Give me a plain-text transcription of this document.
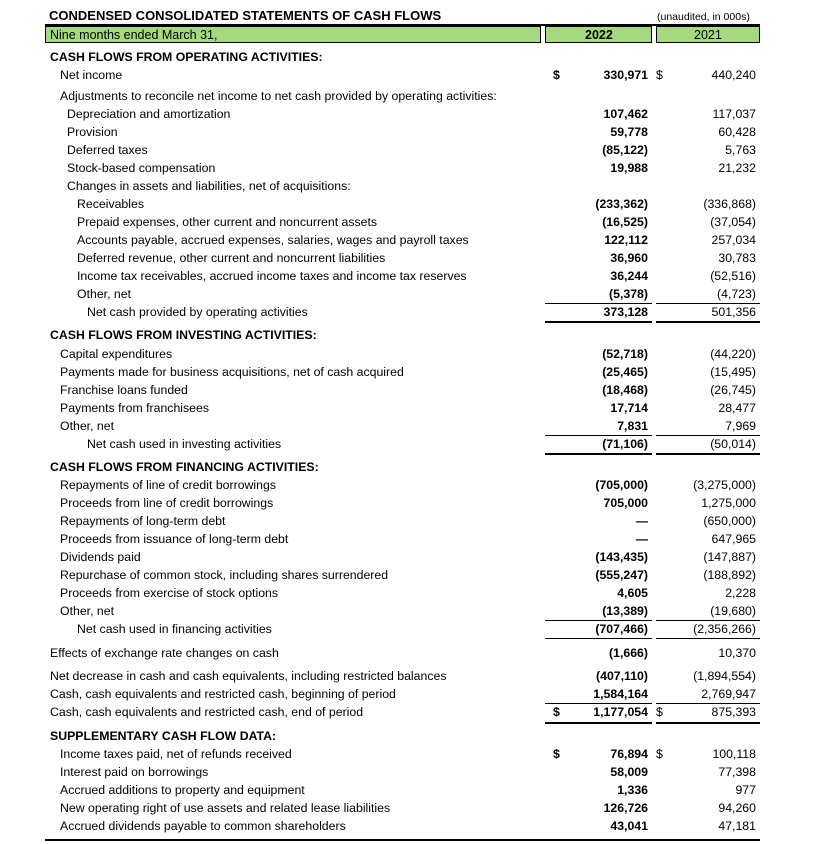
CONDENSED CONSOLIDATED STATEMENTS OF CASH FLOWS	(unaudited, in 000s)
Nine months ended March 31,	2022	2021
CASH FLOWS FROM OPERATING ACTIVITIES:
Net income	$	330,971 $	440,240
Adjustments to reconcile net income to net cash provided by operating activities:
Depreciation and amortization	107,462	117,037
Provision	59,778	60,428
Deferred taxes	(85,122)	5,763
Stock-based compensation	19,988	21,232
Changes in assets and liabilities, net of acquisitions:
Receivables	(233,362)	(336,868)
Prepaid expenses, other current and noncurrent assets	(16,525)	(37,054)
Accounts payable, accrued expenses, salaries, wages and payroll taxes	122,112	257,034
Deferred revenue, other current and noncurrent liabilities	36,960	30,783
Income tax receivables, accrued income taxes and income tax reserves	36,244	(52,516)
Other, net	(5,378)	(4,723)
Net cash provided by operating activities	373,128	501,356
CASH FLOWS FROM INVESTING ACTIVITIES:
Capital expenditures	(52,718)	(44,220)
Payments made for business acquisitions, net of cash acquired	(25,465)	(15,495)
Franchise loans funded	(18,468)	(26,745)
Payments from franchisees	17,714	28,477
Other, net	7,831	7,969
Net cash used in investing activities	(71,106)	(50,014)
CASH FLOWS FROM FINANCING ACTIVITIES:
Repayments of line of credit borrowings	(705,000)	(3,275,000)
Proceeds from line of credit borrowings	705,000	1,275,000
Repayments of long-term debt	—	(650,000)
Proceeds from issuance of long-term debt	—	647,965
Dividends paid	(143,435)	(147,887)
Repurchase of common stock, including shares surrendered	(555,247)	(188,892)
Proceeds from exercise of stock options	4,605	2,228
Other, net	(13,389)	(19,680)
Net cash used in financing activities	(707,466)	(2,356,266)
Effects of exchange rate changes on cash	(1,666)	10,370
Net decrease in cash and cash equivalents, including restricted balances	(407,110)	(1,894,554)
Cash, cash equivalents and restricted cash, beginning of period	1,584,164	2,769,947
Cash, cash equivalents and restricted cash, end of period	$	1,177,054 $	875,393
SUPPLEMENTARY CASH FLOW DATA:
Income taxes paid, net of refunds received	$	76,894 $	100,118
Interest paid on borrowings	58,009	77,398
Accrued additions to property and equipment	1,336	977
New operating right of use assets and related lease liabilities	126,726	94,260
Accrued dividends payable to common shareholders	43,041	47,181
